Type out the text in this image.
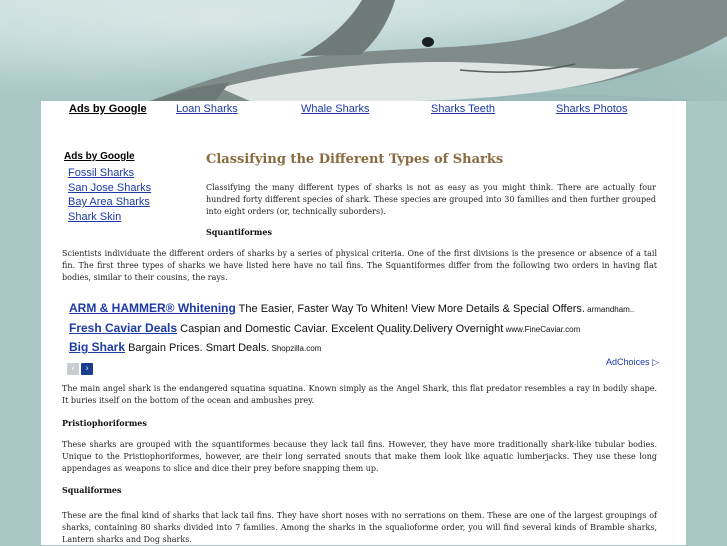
Ads by Google	Loan Sharks	Whale Sharks	Sharks Teeth	Sharks Photos
Ads by Google
Fossil Sharks
San Jose Sharks
Bay Area Sharks
Shark Skin
Classifying the Different Types of Sharks
Classifying the many different types of sharks is not as easy as you might think. There are actually four hundred forty different species of shark. These species are grouped into 30 families and then further grouped into eight orders (or, technically suborders).
Squantiformes
Scientists individuate the different orders of sharks by a series of physical criteria. One of the first divisions is the presence or absence of a tail fin. The first three types of sharks we have listed here have no tail fins. The Squantiformes differ from the following two orders in having flat bodies, similar to their cousins, the rays.
ARM & HAMMER® Whitening The Easier, Faster Way To Whiten! View More Details & Special Offers. armandham..
Fresh Caviar Deals Caspian and Domestic Caviar. Excelent Quality.Delivery Overnight www.FineCaviar.com
Big Shark Bargain Prices. Smart Deals. Shopzilla.com
‹ ›
AdChoices ▷
The main angel shark is the endangered squatina squatina. Known simply as the Angel Shark, this flat predator resembles a ray in bodily shape. It buries itself on the bottom of the ocean and ambushes prey.
Pristiophoriformes
These sharks are grouped with the squantiformes because they lack tail fins. However, they have more traditionally shark-like tubular bodies. Unique to the Pristiophoriformes, however, are their long serrated snouts that make them look like aquatic lumberjacks. They use these long appendages as weapons to slice and dice their prey before snapping them up.
Squaliformes
These are the final kind of sharks that lack tail fins. They have short noses with no serrations on them. These are one of the largest groupings of sharks, containing 80 sharks divided into 7 families. Among the sharks in the squalioforme order, you will find several kinds of Bramble sharks, Lantern sharks and Dog sharks.
